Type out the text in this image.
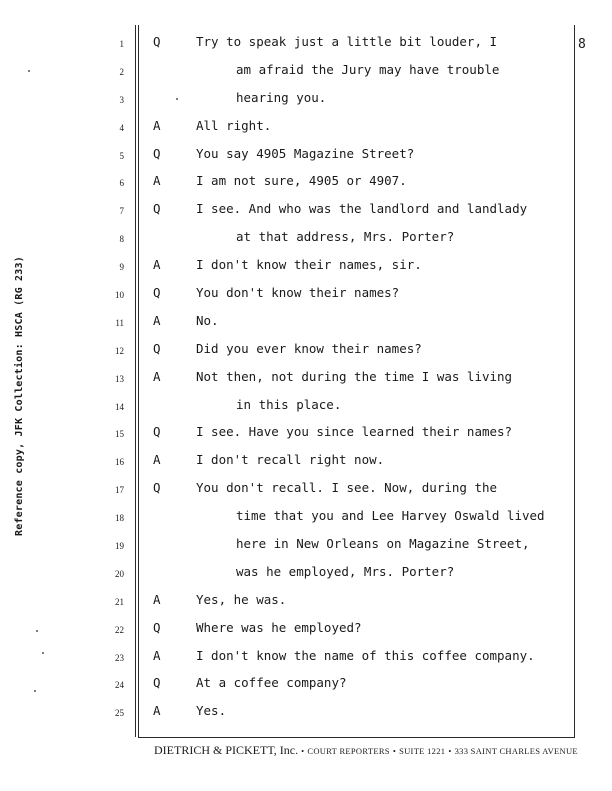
8
Reference copy, JFK Collection: HSCA (RG 233)
1 Q	Try to speak just a little bit louder, I
2	am afraid the Jury may have trouble
3	hearing you.
4 A	All right.
5 Q	You say 4905 Magazine Street?
6 A	I am not sure, 4905 or 4907.
7 Q	I see. And who was the landlord and landlady
8	at that address, Mrs. Porter?
9 A	I don't know their names, sir.
10 Q	You don't know their names?
11 A	No.
12 Q	Did you ever know their names?
13 A	Not then, not during the time I was living
14	in this place.
15 Q	I see. Have you since learned their names?
16 A	I don't recall right now.
17 Q	You don't recall. I see. Now, during the
18	time that you and Lee Harvey Oswald lived
19	here in New Orleans on Magazine Street,
20	was he employed, Mrs. Porter?
21 A	Yes, he was.
22 Q	Where was he employed?
23 A	I don't know the name of this coffee company.
24 Q	At a coffee company?
25 A	Yes.
DIETRICH & PICKETT, Inc. • COURT REPORTERS • SUITE 1221 • 333 SAINT CHARLES AVENUE
